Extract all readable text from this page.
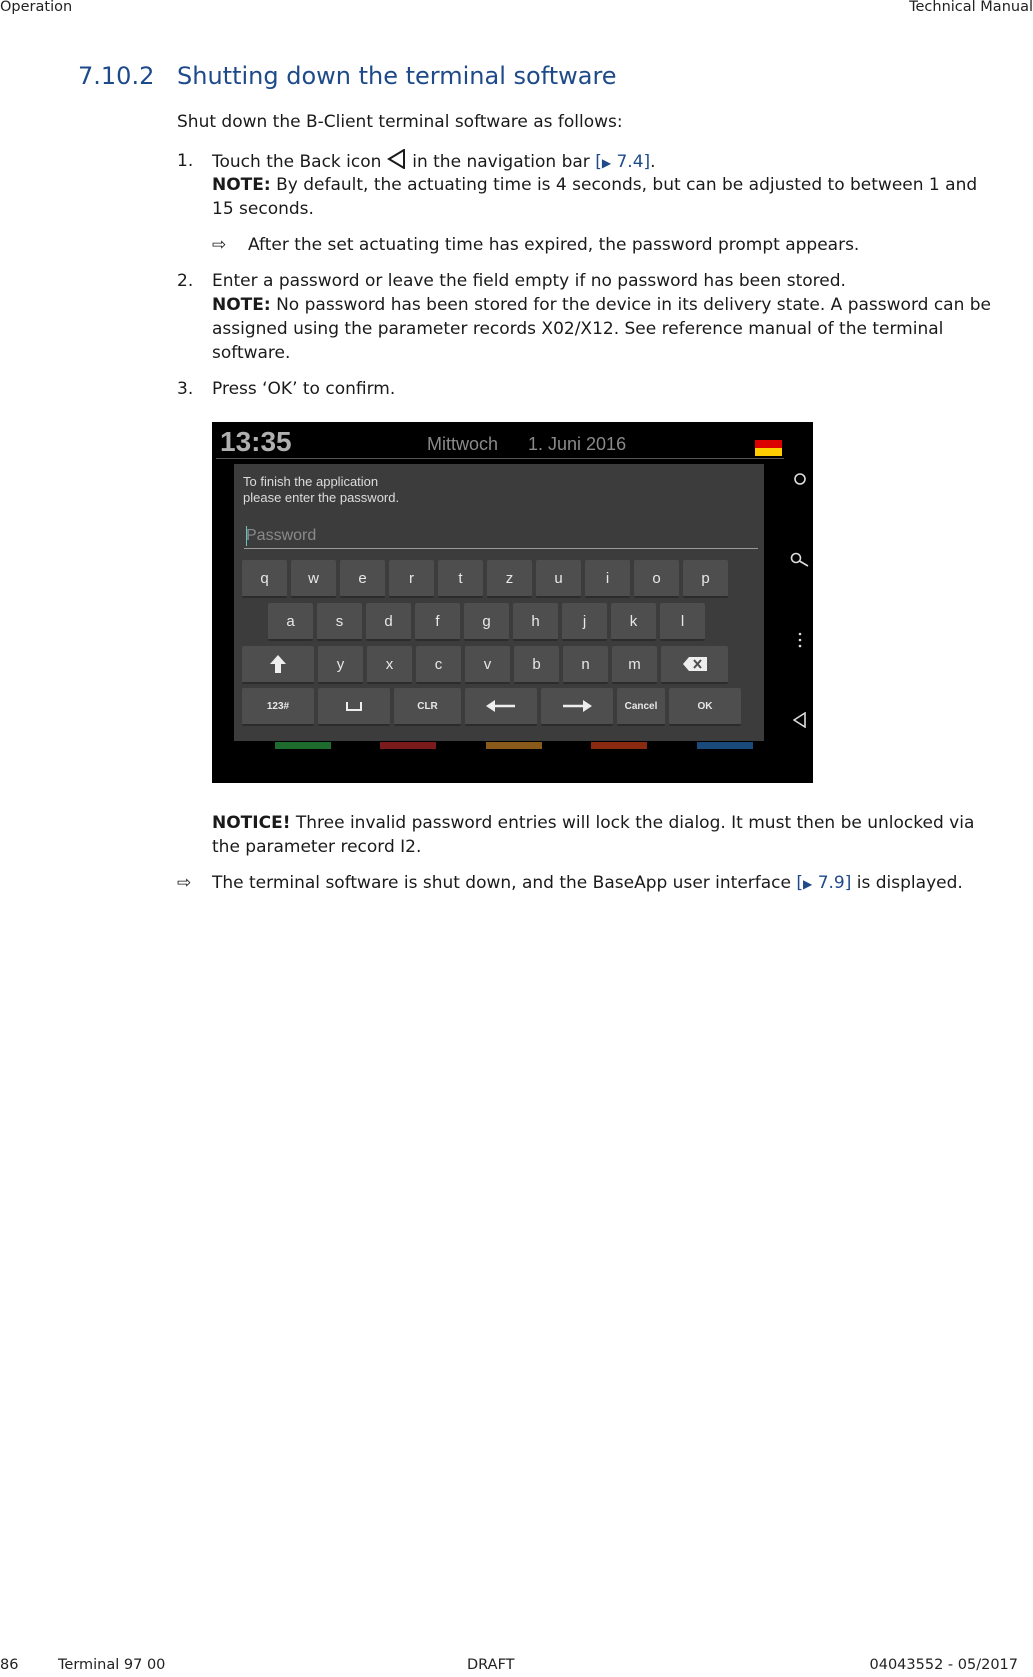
Operation	Technical Manual
7.10.2 Shutting down the terminal software
Shut down the B-Client terminal software as follows:
1. Touch the Back icon in the navigation bar [▶ 7.4].
NOTE: By default, the actuating time is 4 seconds, but can be adjusted to between 1 and
15 seconds.
⇨ After the set actuating time has expired, the password prompt appears.
2. Enter a password or leave the field empty if no password has been stored.
NOTE: No password has been stored for the device in its delivery state. A password can be
assigned using the parameter records X02/X12. See reference manual of the terminal
software.
3. Press ‘OK’ to confirm.
13:35	Mittwoch 1. Juni 2016
To finish the application
please enter the password.
q	w	e	r	t	z	u	i	o	p
a	s	d	f	g	h	j	k	l
y	x	c	v	b	n	m
123#	CLR	Cancel	OK
NOTICE! Three invalid password entries will lock the dialog. It must then be unlocked via
the parameter record I2.
⇨ The terminal software is shut down, and the BaseApp user interface [▶ 7.9] is displayed.
86	Terminal 97 00	DRAFT	04043552 - 05/2017
